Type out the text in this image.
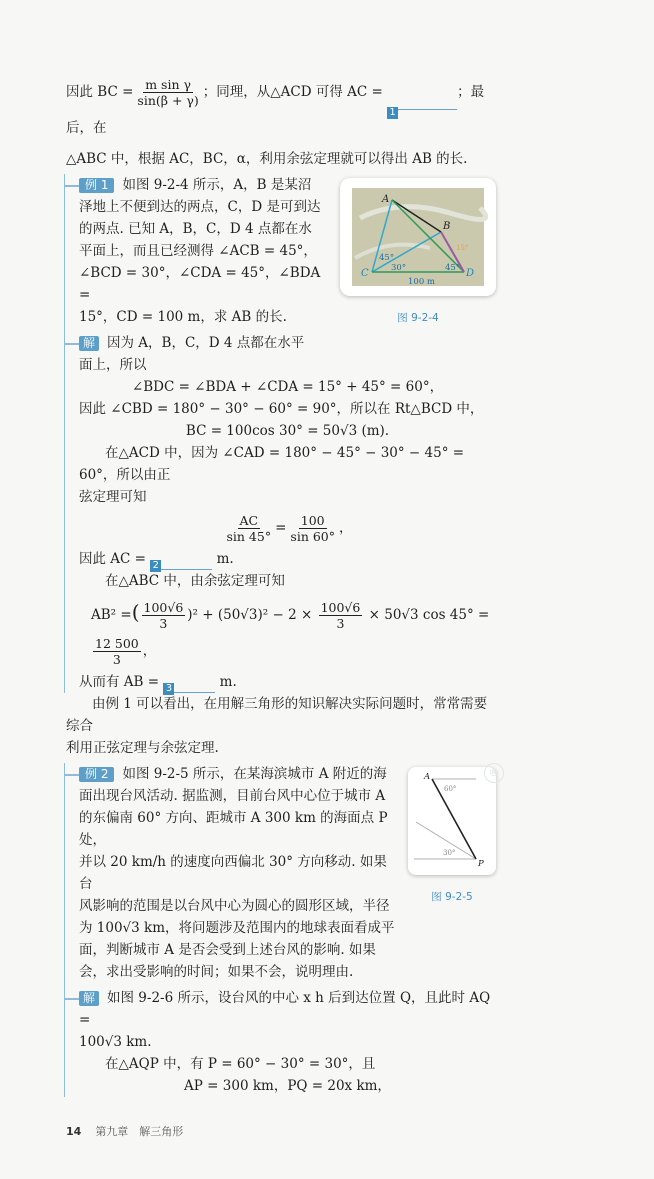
因此 BC = $\frac{\text{m sin γ}}{\sin(\beta + \gamma)}$ ；同理，从△ACD 可得 AC = 1；最后，在
△ABC 中，根据 AC，BC，α，利用余弦定理就可以得出 AB 的长.
A
B
C	D
45°
30°	45°
15°
100 m
图 9-2-4
例 1 如图 9-2-4 所示，A，B 是某沼
泽地上不便到达的两点，C，D 是可到达
的两点. 已知 A，B，C，D 4 点都在水
平面上，而且已经测得 ∠ACB = 45°，
∠BCD = 30°，∠CDA = 45°，∠BDA =
15°，CD = 100 m，求 AB 的长.
解 因为 A，B，C，D 4 点都在水平
面上，所以
∠BDC = ∠BDA + ∠CDA = 15° + 45° = 60°，
因此 ∠CBD = 180° − 30° − 60° = 90°，所以在 Rt△BCD 中，
BC = 100cos 30° = 50√3 (m).
在△ACD 中，因为 ∠CAD = 180° − 45° − 30° − 45° = 60°，所以由正
弦定理可知
$\frac{AC}{\sin 45^\circ} = \frac{100}{\sin 60^\circ}$ ，
因此 AC = 2	m.
在△ABC 中，由余弦定理可知
AB² =( $\frac{100√6}{3} )^2 + (50√3)^2 - 2 \times \frac{100√6}{3} \times 50√3$ cos 45° =
$\frac{12 500}{3}$ ，
从而有 AB = 3	m.
由例 1 可以看出，在用解三角形的知识解决实际问题时，常常需要综合
利用正弦定理与余弦定理.
A
P
60°
30°
®
图 9-2-5
例 2 如图 9-2-5 所示，在某海滨城市 A 附近的海
面出现台风活动. 据监测，目前台风中心位于城市 A
的东偏南 60° 方向、距城市 A 300 km 的海面点 P 处，
并以 20 km/h 的速度向西偏北 30° 方向移动. 如果台
风影响的范围是以台风中心为圆心的圆形区域，半径
为 100√3 km，将问题涉及范围内的地球表面看成平
面，判断城市 A 是否会受到上述台风的影响. 如果
会，求出受影响的时间；如果不会，说明理由.
解 如图 9-2-6 所示，设台风的中心 x h 后到达位置 Q，且此时 AQ =
100√3 km.
在△AQP 中，有 P = 60° − 30° = 30°，且
AP = 300 km，PQ = 20x km，
14 第九章　解三角形
